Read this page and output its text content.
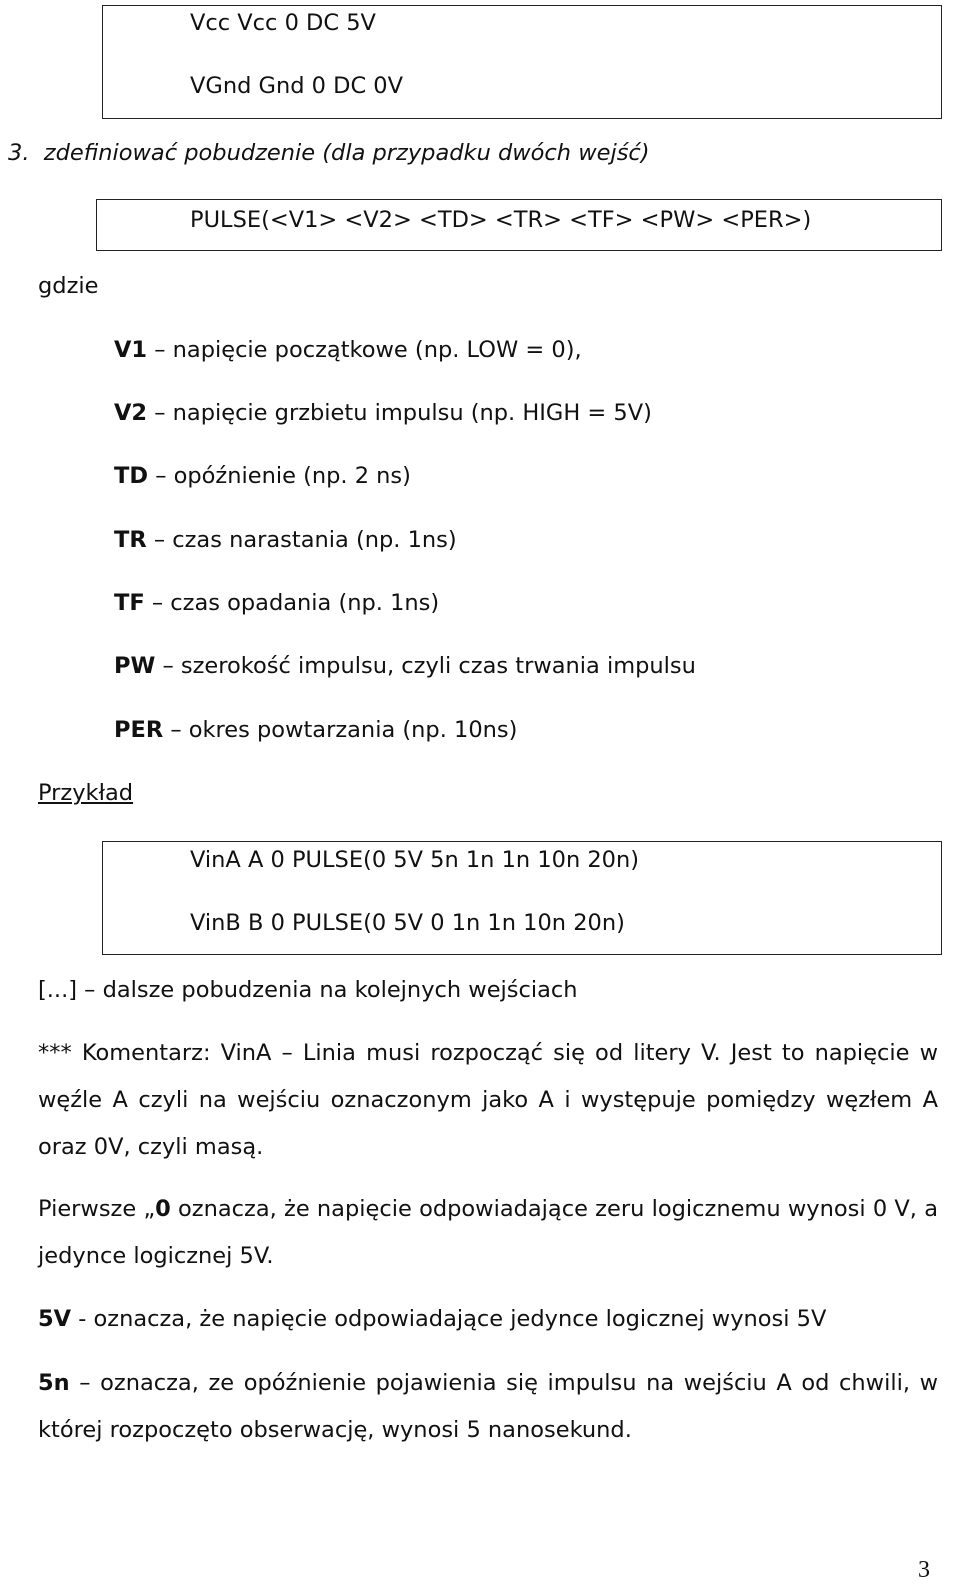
Vcc Vcc 0 DC 5V
VGnd Gnd 0 DC 0V
3. zdefiniować pobudzenie (dla przypadku dwóch wejść)
PULSE(<V1> <V2> <TD> <TR> <TF> <PW> <PER>)
gdzie
V1 – napięcie początkowe (np. LOW = 0),
V2 – napięcie grzbietu impulsu (np. HIGH = 5V)
TD – opóźnienie (np. 2 ns)
TR – czas narastania (np. 1ns)
TF – czas opadania (np. 1ns)
PW – szerokość impulsu, czyli czas trwania impulsu
PER – okres powtarzania (np. 10ns)
Przykład
VinA A 0 PULSE(0 5V 5n 1n 1n 10n 20n)
VinB B 0 PULSE(0 5V 0 1n 1n 10n 20n)
[...] – dalsze pobudzenia na kolejnych wejściach
*** Komentarz: VinA – Linia musi rozpocząć się od litery V. Jest to napięcie w węźle A czyli na wejściu oznaczonym jako A i występuje pomiędzy węzłem A oraz 0V, czyli masą.
Pierwsze „0 oznacza, że napięcie odpowiadające zeru logicznemu wynosi 0 V, a jedynce logicznej 5V.
5V - oznacza, że napięcie odpowiadające jedynce logicznej wynosi 5V
5n – oznacza, ze opóźnienie pojawienia się impulsu na wejściu A od chwili, w której rozpoczęto obserwację, wynosi 5 nanosekund.
3
